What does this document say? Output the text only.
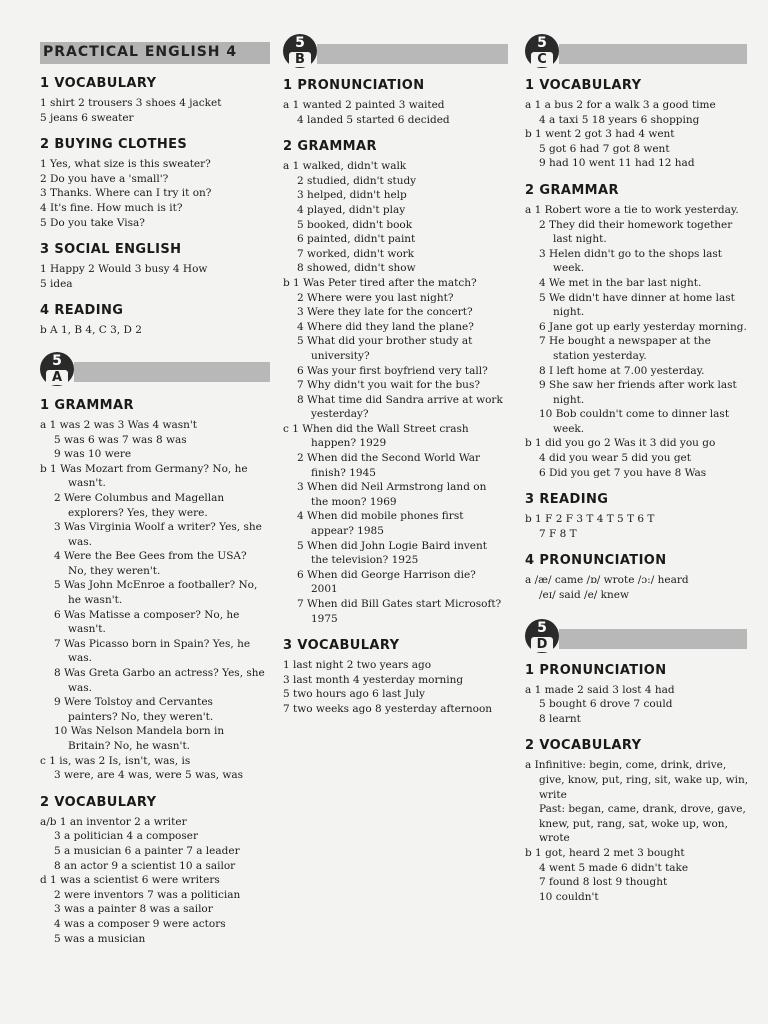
PRACTICAL ENGLISH 4
1 VOCABULARY
1 shirt 2 trousers 3 shoes 4 jacket
5 jeans 6 sweater
2 BUYING CLOTHES
1 Yes, what size is this sweater?
2 Do you have a 'small'?
3 Thanks. Where can I try it on?
4 It's fine. How much is it?
5 Do you take Visa?
3 SOCIAL ENGLISH
1 Happy 2 Would 3 busy 4 How
5 idea
4 READING
b A 1, B 4, C 3, D 2
5
A
1 GRAMMAR
a 1 was 2 was 3 Was 4 wasn't
5 was 6 was 7 was 8 was
9 was 10 were
b 1 Was Mozart from Germany? No, he
wasn't.
2 Were Columbus and Magellan
explorers? Yes, they were.
3 Was Virginia Woolf a writer? Yes, she
was.
4 Were the Bee Gees from the USA?
No, they weren't.
5 Was John McEnroe a footballer? No,
he wasn't.
6 Was Matisse a composer? No, he
wasn't.
7 Was Picasso born in Spain? Yes, he
was.
8 Was Greta Garbo an actress? Yes, she
was.
9 Were Tolstoy and Cervantes
painters? No, they weren't.
10 Was Nelson Mandela born in
Britain? No, he wasn't.
c 1 is, was 2 Is, isn't, was, is
3 were, are 4 was, were 5 was, was
2 VOCABULARY
a/b 1 an inventor 2 a writer
3 a politician 4 a composer
5 a musician 6 a painter 7 a leader
8 an actor 9 a scientist 10 a sailor
d 1 was a scientist 6 were writers
2 were inventors 7 was a politician
3 was a painter 8 was a sailor
4 was a composer 9 were actors
5 was a musician
5
B
1 PRONUNCIATION
a 1 wanted 2 painted 3 waited
4 landed 5 started 6 decided
2 GRAMMAR
a 1 walked, didn't walk
2 studied, didn't study
3 helped, didn't help
4 played, didn't play
5 booked, didn't book
6 painted, didn't paint
7 worked, didn't work
8 showed, didn't show
b 1 Was Peter tired after the match?
2 Where were you last night?
3 Were they late for the concert?
4 Where did they land the plane?
5 What did your brother study at
university?
6 Was your first boyfriend very tall?
7 Why didn't you wait for the bus?
8 What time did Sandra arrive at work
yesterday?
c 1 When did the Wall Street crash
happen? 1929
2 When did the Second World War
finish? 1945
3 When did Neil Armstrong land on
the moon? 1969
4 When did mobile phones first
appear? 1985
5 When did John Logie Baird invent
the television? 1925
6 When did George Harrison die?
2001
7 When did Bill Gates start Microsoft?
1975
3 VOCABULARY
1 last night 2 two years ago
3 last month 4 yesterday morning
5 two hours ago 6 last July
7 two weeks ago 8 yesterday afternoon
5
C
1 VOCABULARY
a 1 a bus 2 for a walk 3 a good time
4 a taxi 5 18 years 6 shopping
b 1 went 2 got 3 had 4 went
5 got 6 had 7 got 8 went
9 had 10 went 11 had 12 had
2 GRAMMAR
a 1 Robert wore a tie to work yesterday.
2 They did their homework together
last night.
3 Helen didn't go to the shops last
week.
4 We met in the bar last night.
5 We didn't have dinner at home last
night.
6 Jane got up early yesterday morning.
7 He bought a newspaper at the
station yesterday.
8 I left home at 7.00 yesterday.
9 She saw her friends after work last
night.
10 Bob couldn't come to dinner last
week.
b 1 did you go 2 Was it 3 did you go
4 did you wear 5 did you get
6 Did you get 7 you have 8 Was
3 READING
b 1 F 2 F 3 T 4 T 5 T 6 T
7 F 8 T
4 PRONUNCIATION
a /æ/ came /ɒ/ wrote /ɔ:/ heard
/eɪ/ said /e/ knew
5
D
1 PRONUNCIATION
a 1 made 2 said 3 lost 4 had
5 bought 6 drove 7 could
8 learnt
2 VOCABULARY
a Infinitive: begin, come, drink, drive,
give, know, put, ring, sit, wake up, win,
write
Past: began, came, drank, drove, gave,
knew, put, rang, sat, woke up, won,
wrote
b 1 got, heard 2 met 3 bought
4 went 5 made 6 didn't take
7 found 8 lost 9 thought
10 couldn't
